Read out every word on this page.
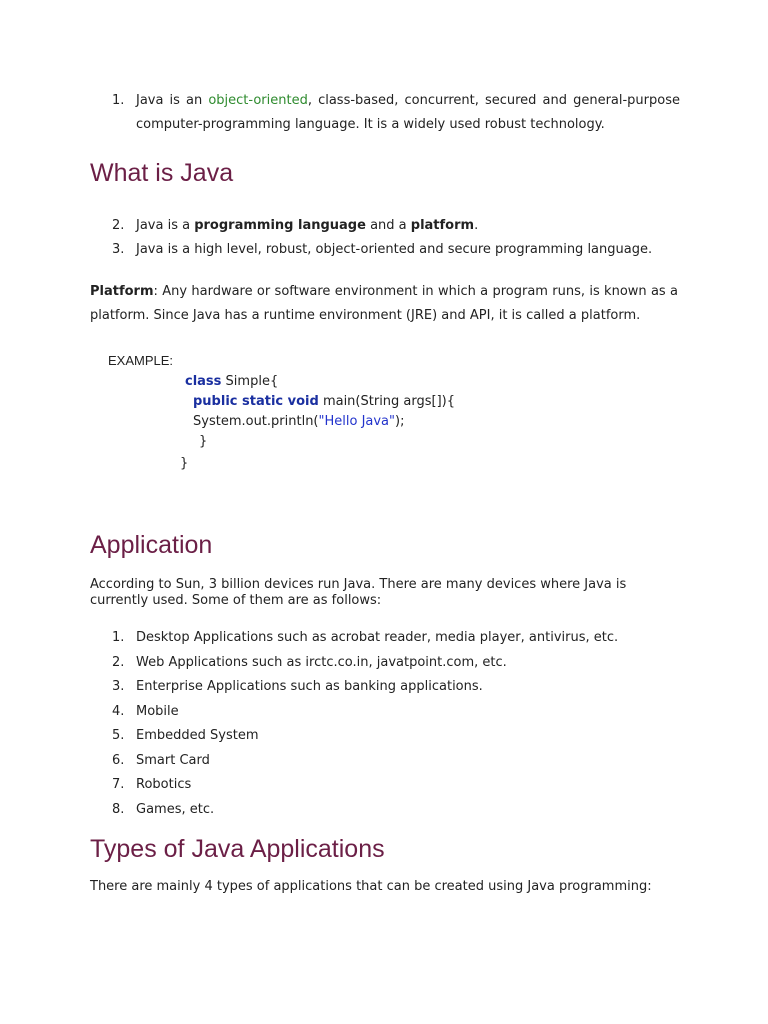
1. Java is an object-oriented, class-based, concurrent, secured and general-purpose computer-programming language. It is a widely used robust technology.
What is Java
2. Java is a programming language and a platform.
3. Java is a high level, robust, object-oriented and secure programming language.

Platform: Any hardware or software environment in which a program runs, is known as a platform. Since Java has a runtime environment (JRE) and API, it is called a platform.

EXAMPLE:
class Simple{
public static void main(String args[]){
System.out.println("Hello Java");
}
}
Application

According to Sun, 3 billion devices run Java. There are many devices where Java is currently used. Some of them are as follows:

1. Desktop Applications such as acrobat reader, media player, antivirus, etc.
2. Web Applications such as irctc.co.in, javatpoint.com, etc.
3. Enterprise Applications such as banking applications.
4. Mobile
5. Embedded System
6. Smart Card
7. Robotics
8. Games, etc.
Types of Java Applications

There are mainly 4 types of applications that can be created using Java programming:
